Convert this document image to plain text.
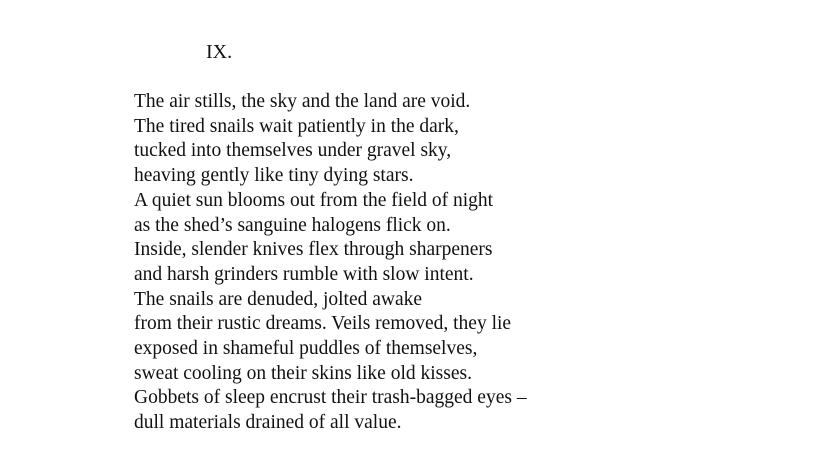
IX.
The air stills, the sky and the land are void.
The tired snails wait patiently in the dark,
tucked into themselves under gravel sky,
heaving gently like tiny dying stars.
A quiet sun blooms out from the field of night
as the shed’s sanguine halogens flick on.
Inside, slender knives flex through sharpeners
and harsh grinders rumble with slow intent.
The snails are denuded, jolted awake
from their rustic dreams. Veils removed, they lie
exposed in shameful puddles of themselves,
sweat cooling on their skins like old kisses.
Gobbets of sleep encrust their trash-bagged eyes –
dull materials drained of all value.
